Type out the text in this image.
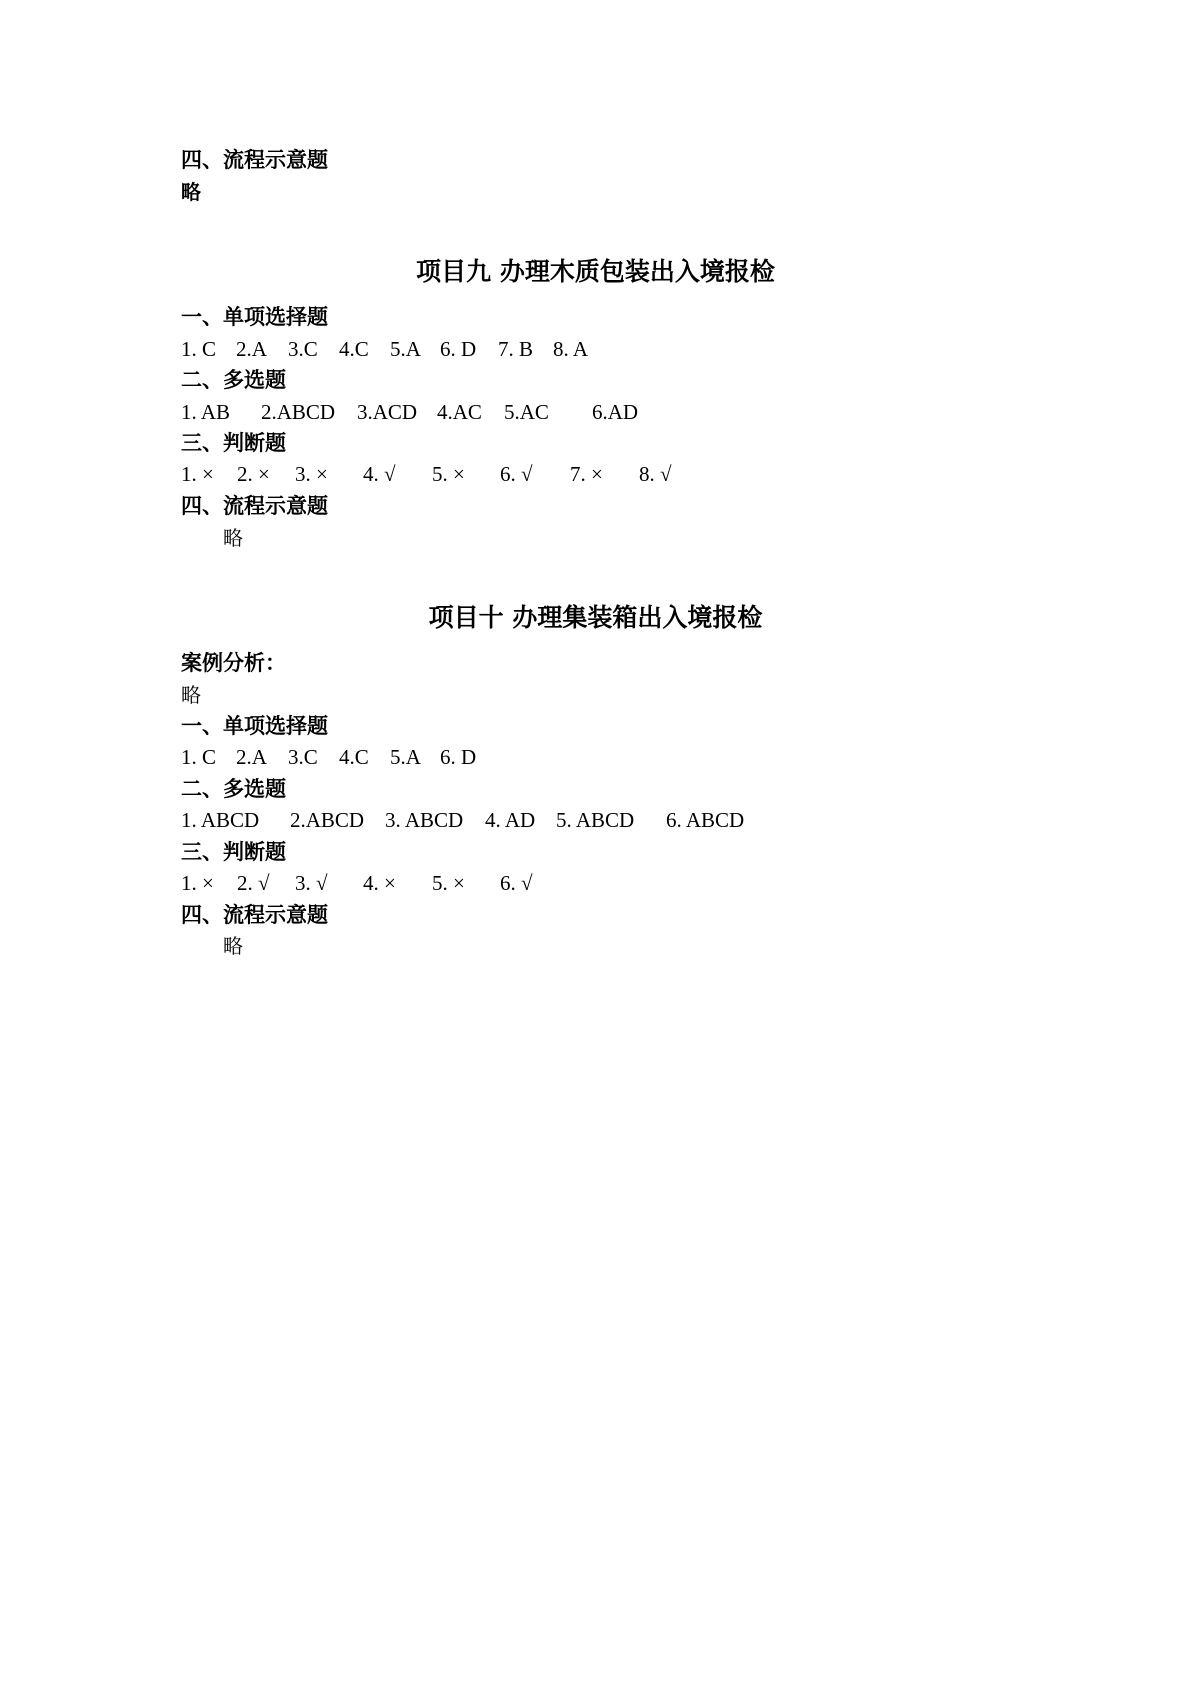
四、流程示意题
略
项目九 办理木质包装出入境报检
一、单项选择题
1. C 2.A 3.C 4.C 5.A 6. D 7. B 8. A
二、多选题
1. AB 2.ABCD 3.ACD 4.AC 5.AC 6.AD
三、判断题
1. × 2. × 3. × 4. √ 5. × 6. √ 7. × 8. √
四、流程示意题
略
项目十 办理集装箱出入境报检
案例分析：
略
一、单项选择题
1. C 2.A 3.C 4.C 5.A 6. D
二、多选题
1. ABCD 2.ABCD 3. ABCD 4. AD 5. ABCD 6. ABCD
三、判断题
1. × 2. √ 3. √ 4. × 5. × 6. √
四、流程示意题
略
